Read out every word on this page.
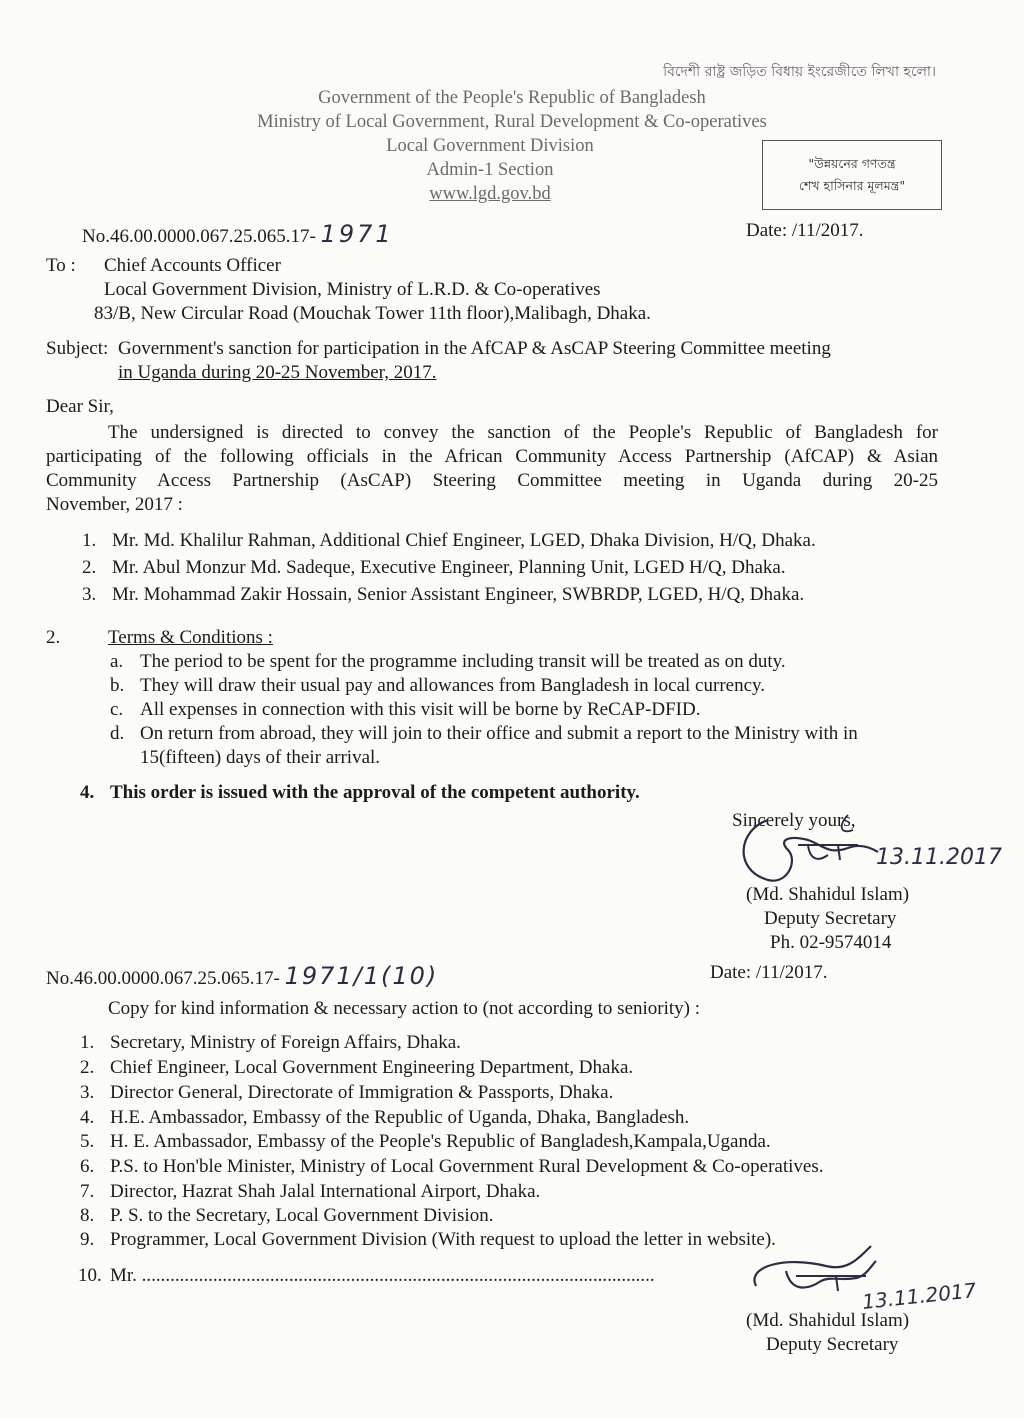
বিদেশী রাষ্ট্র জড়িত বিধায় ইংরেজীতে লিখা হলো।
Government of the People's Republic of Bangladesh
Ministry of Local Government, Rural Development & Co-operatives
Local Government Division
Admin-1 Section
www.lgd.gov.bd
"উন্নয়নের গণতন্ত্র
শেখ হাসিনার মূলমন্ত্র"
No.46.00.0000.067.25.065.17- 1971	Date: /11/2017.
To : Chief Accounts Officer
Local Government Division, Ministry of L.R.D. & Co-operatives
83/B, New Circular Road (Mouchak Tower 11th floor),Malibagh, Dhaka.
Subject: Government's sanction for participation in the AfCAP & AsCAP Steering Committee meeting
in Uganda during 20-25 November, 2017.
Dear Sir,
The undersigned is directed to convey the sanction of the People's Republic of Bangladesh for
participating of the following officials in the African Community Access Partnership (AfCAP) & Asian
Community Access Partnership (AsCAP) Steering Committee meeting in Uganda during 20-25
November, 2017 :
1. Mr. Md. Khalilur Rahman, Additional Chief Engineer, LGED, Dhaka Division, H/Q, Dhaka.
2. Mr. Abul Monzur Md. Sadeque, Executive Engineer, Planning Unit, LGED H/Q, Dhaka.
3. Mr. Mohammad Zakir Hossain, Senior Assistant Engineer, SWBRDP, LGED, H/Q, Dhaka.
2.	Terms & Conditions :
a. The period to be spent for the programme including transit will be treated as on duty.
b. They will draw their usual pay and allowances from Bangladesh in local currency.
c. All expenses in connection with this visit will be borne by ReCAP-DFID.
d. On return from abroad, they will join to their office and submit a report to the Ministry with in
15(fifteen) days of their arrival.
4. This order is issued with the approval of the competent authority.
Sincerely yours,
13.11.2017
(Md. Shahidul Islam)
Deputy Secretary
Ph. 02-9574014
No.46.00.0000.067.25.065.17- 1971/1(10)	Date: /11/2017.
Copy for kind information & necessary action to (not according to seniority) :
1. Secretary, Ministry of Foreign Affairs, Dhaka.
2. Chief Engineer, Local Government Engineering Department, Dhaka.
3. Director General, Directorate of Immigration & Passports, Dhaka.
4. H.E. Ambassador, Embassy of the Republic of Uganda, Dhaka, Bangladesh.
5. H. E. Ambassador, Embassy of the People's Republic of Bangladesh,Kampala,Uganda.
6. P.S. to Hon'ble Minister, Ministry of Local Government Rural Development & Co-operatives.
7. Director, Hazrat Shah Jalal International Airport, Dhaka.
8. P. S. to the Secretary, Local Government Division.
9. Programmer, Local Government Division (With request to upload the letter in website).
10. Mr. ............................................................................................................
13.11.2017
(Md. Shahidul Islam)
Deputy Secretary
